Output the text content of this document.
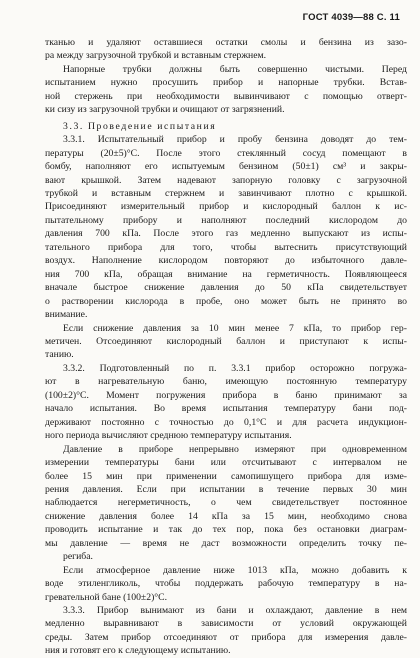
ГОСТ 4039—88 С. 11
тканью и удаляют оставшиеся остатки смолы и бензина из зазо-
ра между загрузочной трубкой и вставным стержнем.
Напорные трубки должны быть совершенно чистыми. Перед
испытанием нужно просушить прибор и напорные трубки. Встав-
ной стержень при необходимости вывинчивают с помощью отверт-
ки сизу из загрузочной трубки и очищают от загрязнений.
3.3. Проведение испытания
3.3.1. Испытательный прибор и пробу бензина доводят до тем-
пературы (20±5)°С. После этого стеклянный сосуд помещают в
бомбу, наполняют его испытуемым бензином (50±1) см³ и закры-
вают крышкой. Затем надевают запорную головку с загрузочной
трубкой и вставным стержнем и завинчивают плотно с крышкой.
Присоединяют измерительный прибор и кислородный баллон к ис-
пытательному прибору и наполняют последний кислородом до
давления 700 кПа. После этого газ медленно выпускают из испы-
тательного прибора для того, чтобы вытеснить присутствующий
воздух. Наполнение кислородом повторяют до избыточного давле-
ния 700 кПа, обращая внимание на герметичность. Появляющееся
вначале быстрое снижение давления до 50 кПа свидетельствует
о растворении кислорода в пробе, оно может быть не принято во
внимание.
Если снижение давления за 10 мин менее 7 кПа, то прибор гер-
метичен. Отсоединяют кислородный баллон и приступают к испы-
танию.
3.3.2. Подготовленный по п. 3.3.1 прибор осторожно погружа-
ют в нагревательную баню, имеющую постоянную температуру
(100±2)°С. Момент погружения прибора в баню принимают за
начало испытания. Во время испытания температуру бани под-
держивают постоянно с точностью до 0,1°С и для расчета индукцион-
ного периода вычисляют среднюю температуру испытания.
Давление в приборе непрерывно измеряют при одновременном
измерении температуры бани или отсчитывают с интервалом не
более 15 мин при применении самопишущего прибора для изме-
рения давления. Если при испытании в течение первых 30 мин
наблюдается негерметичность, о чем свидетельствует постоянное
снижение давления более 14 кПа за 15 мин, необходимо снова
проводить испытание и так до тех пор, пока без остановки диаграм-
мы давление — время не даст возможности определить точку пе-
региба.
Если атмосферное давление ниже 1013 кПа, можно добавить к
воде этиленгликоль, чтобы поддержать рабочую температуру в на-
гревательной бане (100±2)°С.
3.3.3. Прибор вынимают из бани и охлаждают, давление в нем
медленно выравнивают в зависимости от условий окружающей
среды. Затем прибор отсоединяют от прибора для измерения давле-
ния и готовят его к следующему испытанию.
